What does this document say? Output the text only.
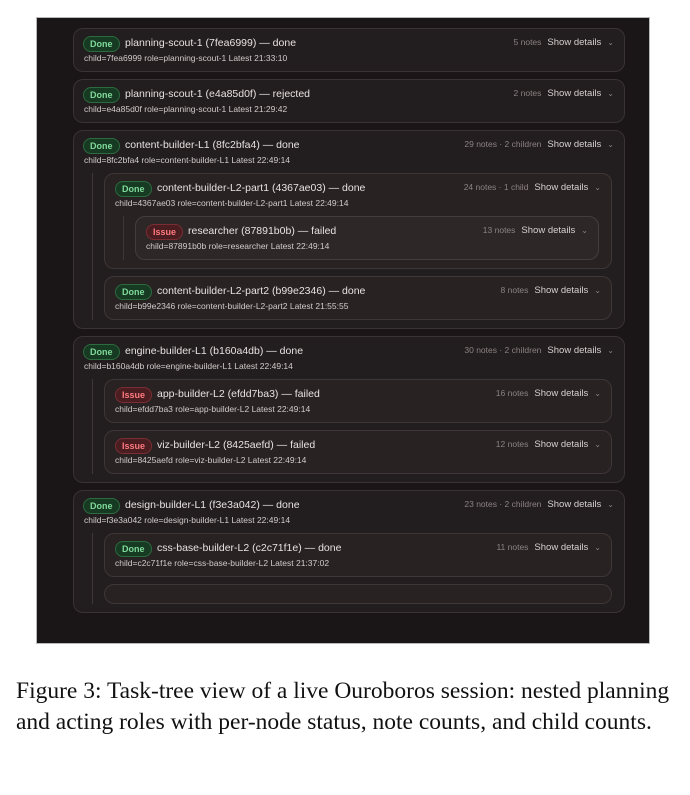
Done	planning-scout-1 (7fea6999) — done	5 notes Show details ⌄
child=7fea6999 role=planning-scout-1 Latest 21:33:10
Done	planning-scout-1 (e4a85d0f) — rejected	2 notes Show details ⌄
child=e4a85d0f role=planning-scout-1 Latest 21:29:42
Done	content-builder-L1 (8fc2bfa4) — done	29 notes · 2 children Show details ⌄
child=8fc2bfa4 role=content-builder-L1 Latest 22:49:14
Done	content-builder-L2-part1 (4367ae03) — done	24 notes · 1 child Show details ⌄
child=4367ae03 role=content-builder-L2-part1 Latest 22:49:14
Issue	researcher (87891b0b) — failed	13 notes Show details ⌄
child=87891b0b role=researcher Latest 22:49:14
Done	content-builder-L2-part2 (b99e2346) — done	8 notes Show details ⌄
child=b99e2346 role=content-builder-L2-part2 Latest 21:55:55
Done	engine-builder-L1 (b160a4db) — done	30 notes · 2 children Show details ⌄
child=b160a4db role=engine-builder-L1 Latest 22:49:14
Issue	app-builder-L2 (efdd7ba3) — failed	16 notes Show details ⌄
child=efdd7ba3 role=app-builder-L2 Latest 22:49:14
Issue	viz-builder-L2 (8425aefd) — failed	12 notes Show details ⌄
child=8425aefd role=viz-builder-L2 Latest 22:49:14
Done	design-builder-L1 (f3e3a042) — done	23 notes · 2 children Show details ⌄
child=f3e3a042 role=design-builder-L1 Latest 22:49:14
Done	css-base-builder-L2 (c2c71f1e) — done	11 notes Show details ⌄
child=c2c71f1e role=css-base-builder-L2 Latest 21:37:02
Figure 3: Task-tree view of a live Ouroboros session: nested planning and acting roles with per-node status, note counts, and child counts.
